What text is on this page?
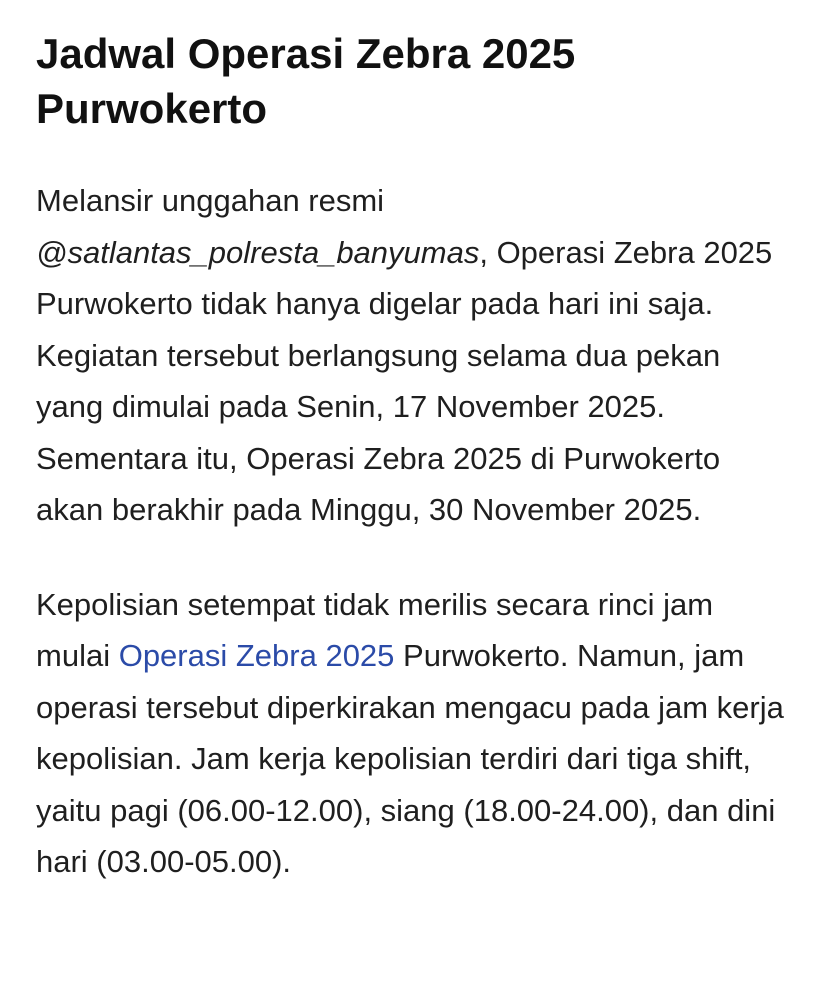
Jadwal Operasi Zebra 2025 Purwokerto

Melansir unggahan resmi @satlantas_polresta_banyumas, Operasi Zebra 2025 Purwokerto tidak hanya digelar pada hari ini saja. Kegiatan tersebut berlangsung selama dua pekan yang dimulai pada Senin, 17 November 2025. Sementara itu, Operasi Zebra 2025 di Purwokerto akan berakhir pada Minggu, 30 November 2025.

Kepolisian setempat tidak merilis secara rinci jam mulai Operasi Zebra 2025 Purwokerto. Namun, jam operasi tersebut diperkirakan mengacu pada jam kerja kepolisian. Jam kerja kepolisian terdiri dari tiga shift, yaitu pagi (06.00-12.00), siang (18.00-24.00), dan dini hari (03.00-05.00).
